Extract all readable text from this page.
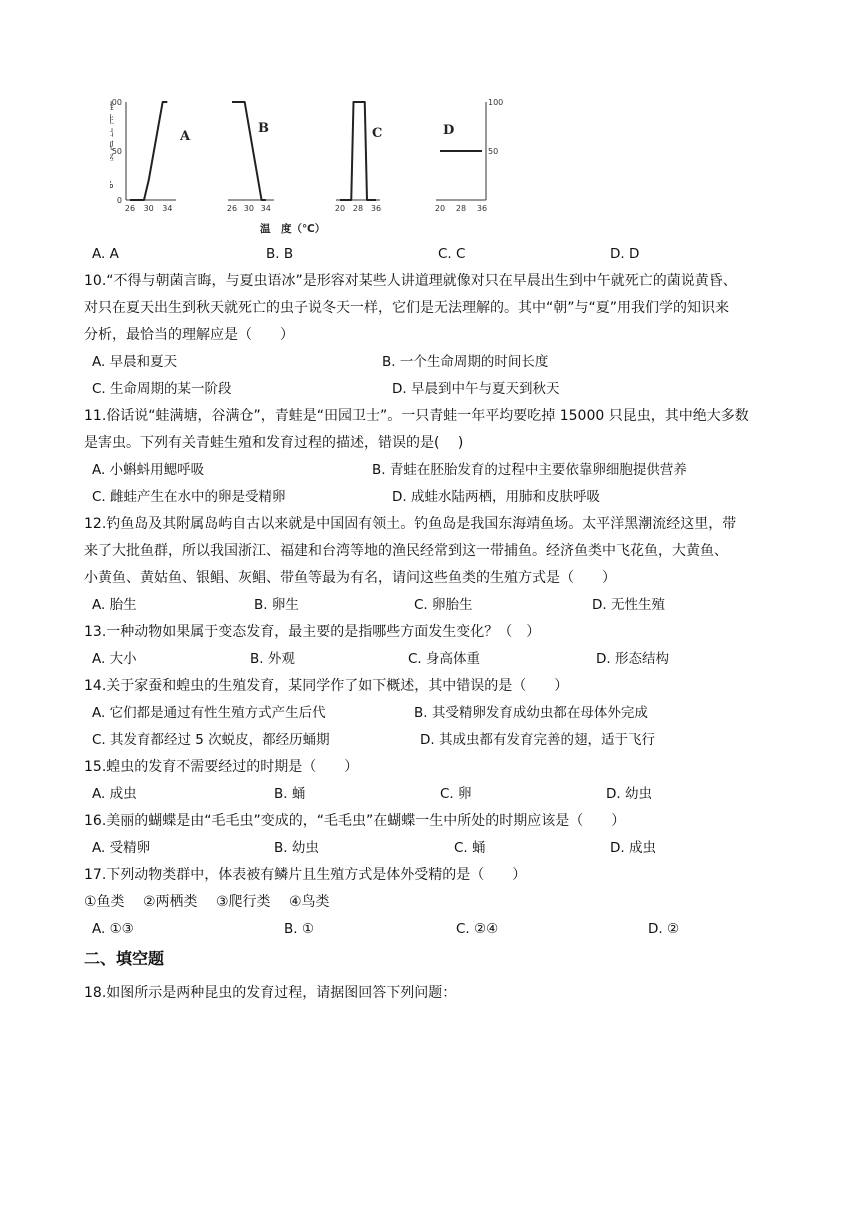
00
50
0
26 30 34
A
26 30 34
B
20 28 36
C
100
50
20 28 36
D
温　度（℃）
A. A	B. B	C. C	D. D
10.“不得与朝菌言晦，与夏虫语冰”是形容对某些人讲道理就像对只在早晨出生到中午就死亡的菌说黄昏、
对只在夏天出生到秋天就死亡的虫子说冬天一样，它们是无法理解的。其中“朝”与“夏”用我们学的知识来
分析，最恰当的理解应是（　　）
A. 早晨和夏天	B. 一个生命周期的时间长度
C. 生命周期的某一阶段	D. 早晨到中午与夏天到秋天
11.俗话说“蛙满塘，谷满仓”，青蛙是“田园卫士”。一只青蛙一年平均要吃掉 15000 只昆虫，其中绝大多数
是害虫。下列有关青蛙生殖和发育过程的描述，错误的是(　 )
A. 小蝌蚪用鳃呼吸	B. 青蛙在胚胎发育的过程中主要依靠卵细胞提供营养
C. 雌蛙产生在水中的卵是受精卵	D. 成蛙水陆两栖，用肺和皮肤呼吸
12.钓鱼岛及其附属岛屿自古以来就是中国固有领土。钓鱼岛是我国东海靖鱼场。太平洋黑潮流经这里，带
来了大批鱼群，所以我国浙江、福建和台湾等地的渔民经常到这一带捕鱼。经济鱼类中飞花鱼，大黄鱼、
小黄鱼、黄姑鱼、银鲳、灰鲳、带鱼等最为有名，请问这些鱼类的生殖方式是（　　）
A. 胎生	B. 卵生	C. 卵胎生	D. 无性生殖
13.一种动物如果属于变态发育，最主要的是指哪些方面发生变化？（　）
A. 大小	B. 外观	C. 身高体重	D. 形态结构
14.关于家蚕和蝗虫的生殖发育，某同学作了如下概述，其中错误的是（　　）
A. 它们都是通过有性生殖方式产生后代	B. 其受精卵发育成幼虫都在母体外完成
C. 其发育都经过 5 次蜕皮，都经历蛹期	D. 其成虫都有发育完善的翅，适于飞行
15.蝗虫的发育不需要经过的时期是（　　）
A. 成虫	B. 蛹	C. 卵	D. 幼虫
16.美丽的蝴蝶是由“毛毛虫”变成的，“毛毛虫”在蝴蝶一生中所处的时期应该是（　　）
A. 受精卵	B. 幼虫	C. 蛹	D. 成虫
17.下列动物类群中，体表被有鳞片且生殖方式是体外受精的是（　　）
①鱼类　 ②两栖类　 ③爬行类　 ④鸟类
A. ①③	B. ①	C. ②④	D. ②
二、填空题
18.如图所示是两种昆虫的发育过程，请据图回答下列问题：
